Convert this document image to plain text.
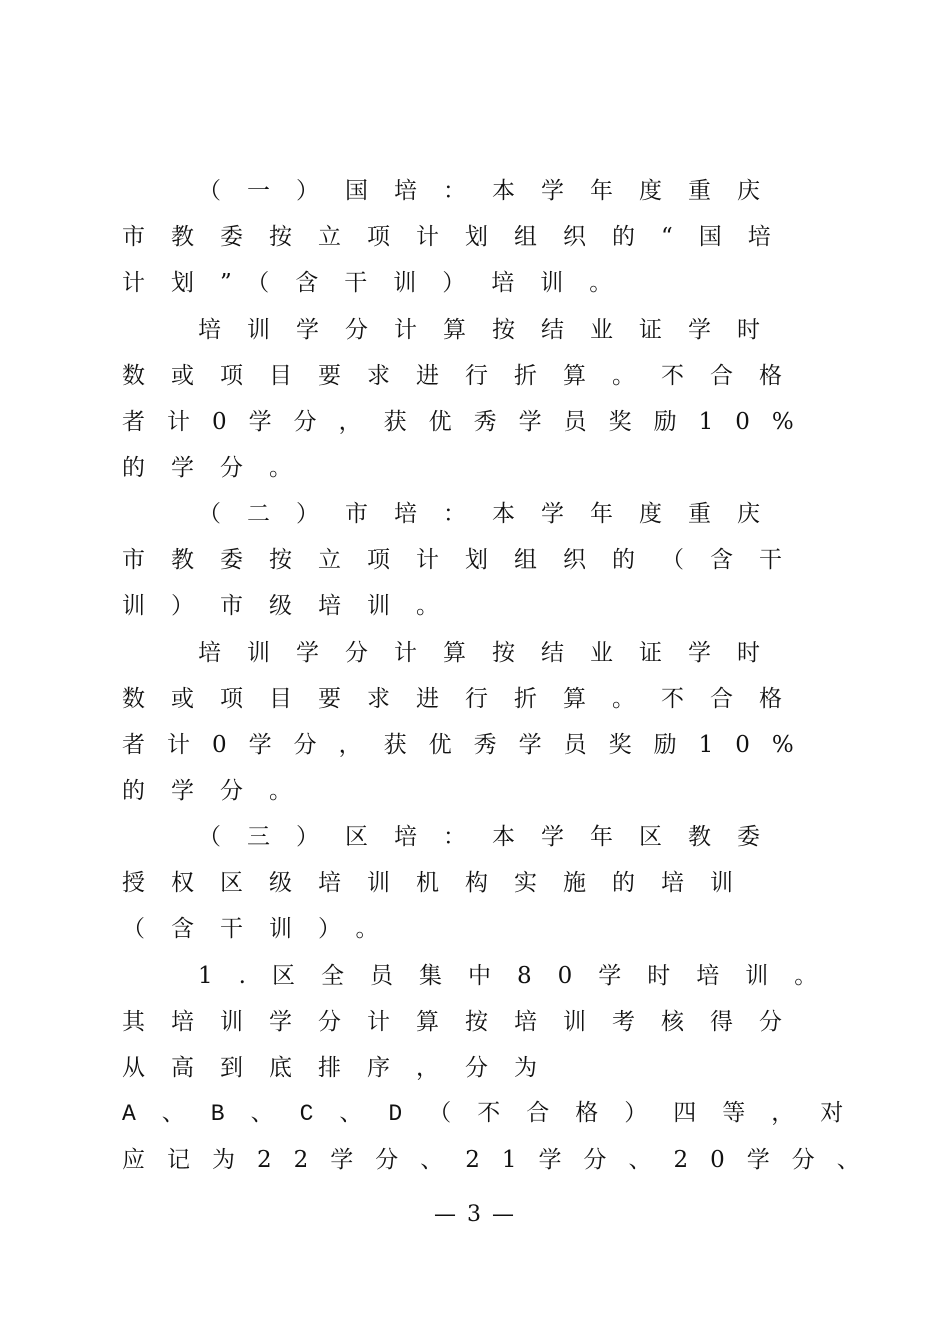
（一）国培：本学年度重庆
市教委按立项计划组织的“国培
计划”（含干训）培训。
培训学分计算按结业证学时
数或项目要求进行折算。不合格
者计0学分，获优秀学员奖励10%
的学分。
（二）市培：本学年度重庆
市教委按立项计划组织的（含干
训）市级培训。
培训学分计算按结业证学时
数或项目要求进行折算。不合格
者计0学分，获优秀学员奖励10%
的学分。
（三）区培：本学年区教委
授权区级培训机构实施的培训
（含干训）。
1.区全员集中80学时培训。
其培训学分计算按培训考核得分
从高到底排序，分为
A、B、C、D（不合格）四等，对
应记为22学分、21学分、20学分、
— 3 —
